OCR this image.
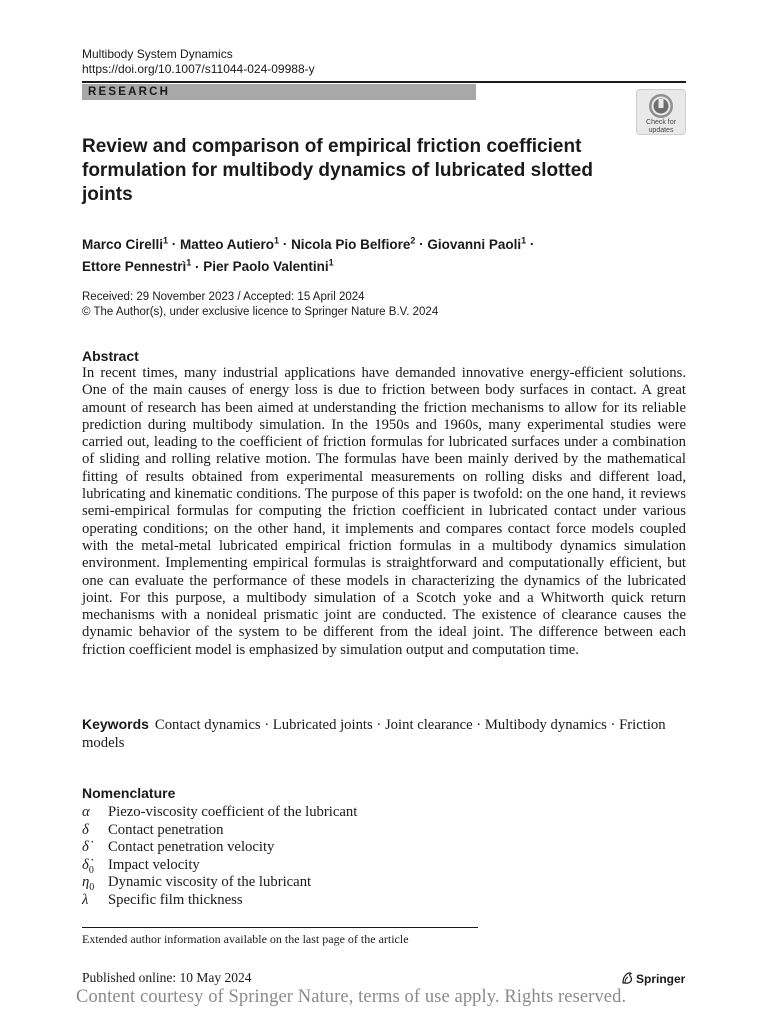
Multibody System Dynamics
https://doi.org/10.1007/s11044-024-09988-y
RESEARCH
Check for
updates
Review and comparison of empirical friction coefficient formulation for multibody dynamics of lubricated slotted joints
Marco Cirelli$^1$ · Matteo Autiero$^1$ · Nicola Pio Belfiore$^2$ · Giovanni Paoli$^1$ ·
Ettore Pennestrì$^1$ · Pier Paolo Valentini$^1$
Received: 29 November 2023 / Accepted: 15 April 2024
© The Author(s), under exclusive licence to Springer Nature B.V. 2024
Abstract
In recent times, many industrial applications have demanded innovative energy-efficient solutions. One of the main causes of energy loss is due to friction between body surfaces in contact. A great amount of research has been aimed at understanding the friction mechanisms to allow for its reliable prediction during multibody simulation. In the 1950s and 1960s, many experimental studies were carried out, leading to the coefficient of friction formulas for lubricated surfaces under a combination of sliding and rolling relative motion. The formulas have been mainly derived by the mathematical fitting of results obtained from experimental measurements on rolling disks and different load, lubricating and kinematic conditions. The purpose of this paper is twofold: on the one hand, it reviews semi-empirical formulas for computing the friction coefficient in lubricated contact under various operating conditions; on the other hand, it implements and compares contact force models coupled with the metal-metal lubricated empirical friction formulas in a multibody dynamics simulation environment. Implementing empirical formulas is straightforward and computationally efficient, but one can evaluate the performance of these models in characterizing the dynamics of the lubricated joint. For this purpose, a multibody simulation of a Scotch yoke and a Whitworth quick return mechanisms with a nonideal prismatic joint are conducted. The existence of clearance causes the dynamic behavior of the system to be different from the ideal joint. The difference between each friction coefficient model is emphasized by simulation output and computation time.
Keywords Contact dynamics · Lubricated joints · Joint clearance · Multibody dynamics · Friction models
Nomenclature
α Piezo-viscosity coefficient of the lubricant
δ Contact penetration
δ̇ Contact penetration velocity
$\deltȧ_0$ Impact velocity
$\eta_0$ Dynamic viscosity of the lubricant
λ Specific film thickness
Extended author information available on the last page of the article
Published online: 10 May 2024	Springer
Content courtesy of Springer Nature, terms of use apply. Rights reserved.
